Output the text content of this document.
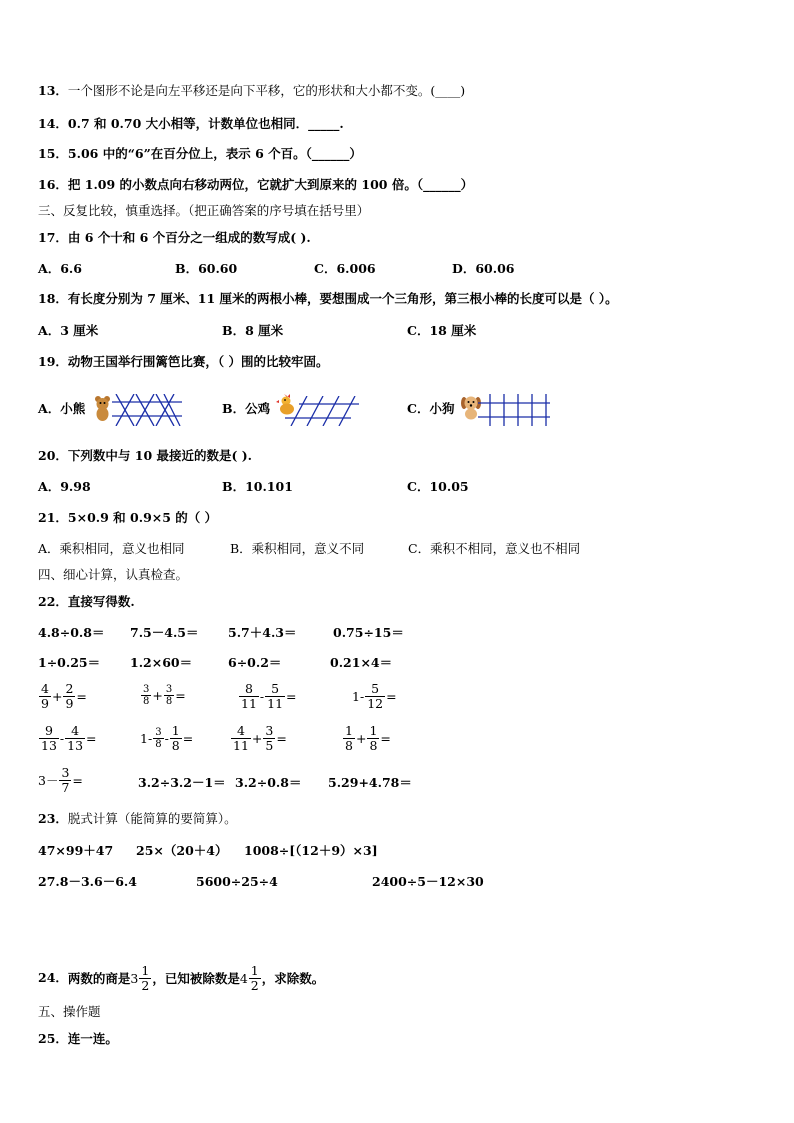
13．一个图形不论是向左平移还是向下平移，它的形状和大小都不变。(____)
14．0.7 和 0.70 大小相等，计数单位也相同．_____.
15．5.06 中的“6”在百分位上，表示 6 个百。（______）
16．把 1.09 的小数点向右移动两位，它就扩大到原来的 100 倍。（______）
三、反复比较，慎重选择。（把正确答案的序号填在括号里）
17．由 6 个十和 6 个百分之一组成的数写成( ).
A．6.6	B．60.60	C．6.006	D．60.06
18．有长度分别为 7 厘米、11 厘米的两根小棒，要想围成一个三角形，第三根小棒的长度可以是（ ）。
A．3 厘米	B．8 厘米	C．18 厘米
19．动物王国举行围篱笆比赛，（ ）围的比较牢固。
A．小熊	B．公鸡	C．小狗
20．下列数中与 10 最接近的数是( ).
A．9.98	B．10.101	C．10.05
21．5×0.9 和 0.9×5 的（ ）
A．乘积相同，意义也相同	B．乘积相同，意义不同	C．乘积不相同，意义也不相同
四、细心计算，认真检查。
22．直接写得数.
4.8÷0.8＝ 7.5－4.5＝ 5.7＋4.3＝	0.75÷15＝
1÷0.25＝ 1.2×60＝	6÷0.2＝	0.21×4＝
$\frac{4}{9} + \frac{2}{9}$ =	$\frac{3}{8} + \frac{3}{8}$ =	$\frac{8}{11} - \frac{5}{11}$ =	$1- \frac{5}{12}$ =
$\frac{9}{13} - \frac{4}{13}$ =	$1- \frac{3}{8} - \frac{1}{8}$ =	$\frac{4}{11} + \frac{3}{5}$ =	$\frac{1}{8} + \frac{1}{8}$ =
$3- \frac{3}{7}$ =	3.2÷3.2－1＝ 3.2÷0.8＝ 5.29+4.78＝
23．脱式计算（能简算的要简算）。
47×99＋47 25×（20＋4） 1008÷[（12＋9）×3]
27.8－3.6－6.4	5600÷25÷4	2400÷5－12×30
24．两数的商是 $3 \frac{1}{2}$ ，已知被除数是 $4 \frac{1}{2}$ ，求除数。
五、操作题
25．连一连。
